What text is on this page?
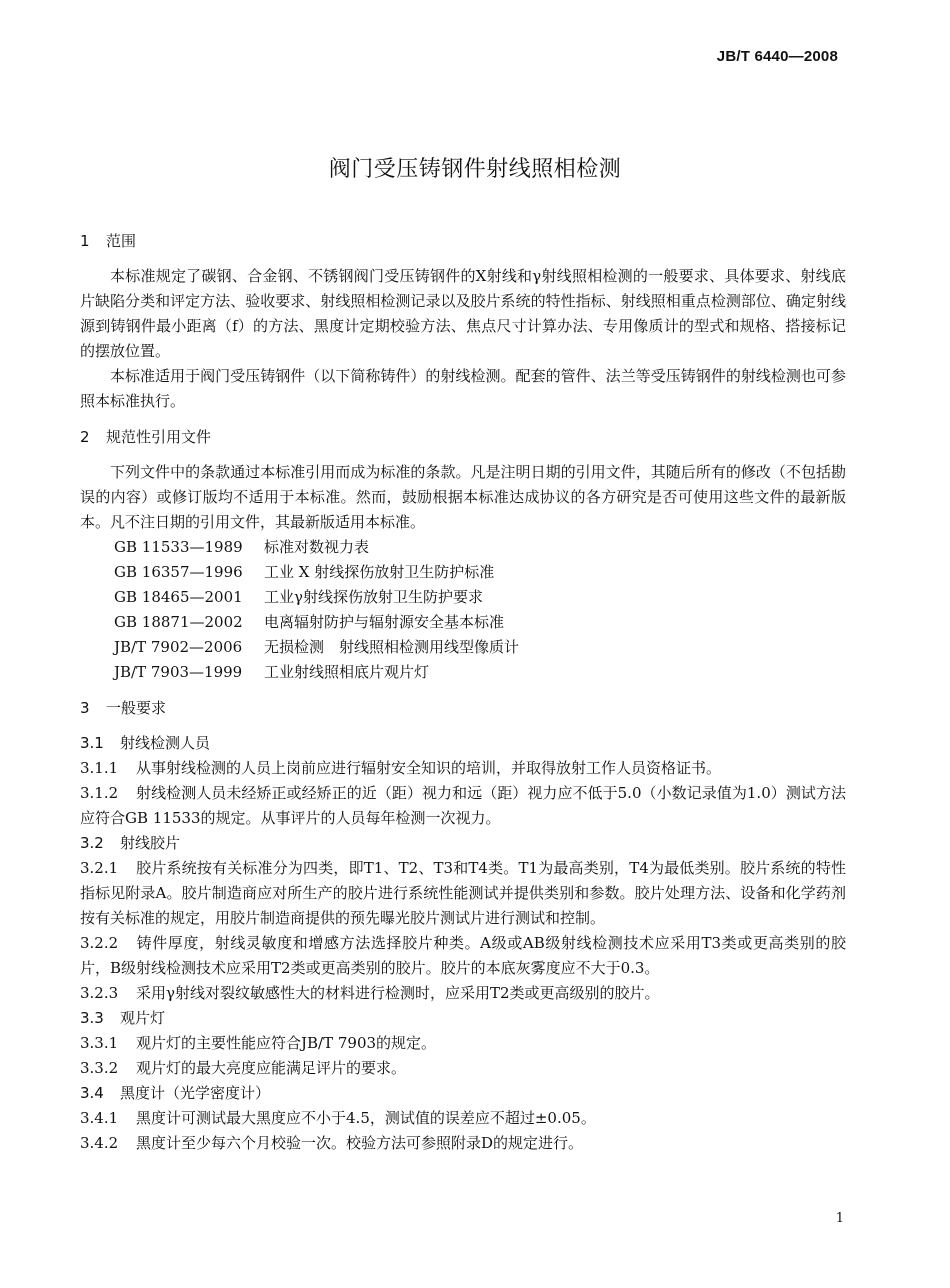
JB/T 6440—2008
阀门受压铸钢件射线照相检测
1 范围

本标准规定了碳钢、合金钢、不锈钢阀门受压铸钢件的X射线和γ射线照相检测的一般要求、具体要求、射线底片缺陷分类和评定方法、验收要求、射线照相检测记录以及胶片系统的特性指标、射线照相重点检测部位、确定射线源到铸钢件最小距离（f）的方法、黑度计定期校验方法、焦点尺寸计算办法、专用像质计的型式和规格、搭接标记的摆放位置。

本标准适用于阀门受压铸钢件（以下简称铸件）的射线检测。配套的管件、法兰等受压铸钢件的射线检测也可参照本标准执行。

2 规范性引用文件

下列文件中的条款通过本标准引用而成为标准的条款。凡是注明日期的引用文件，其随后所有的修改（不包括勘误的内容）或修订版均不适用于本标准。然而，鼓励根据本标准达成协议的各方研究是否可使用这些文件的最新版本。凡不注日期的引用文件，其最新版适用本标准。

GB 11533—1989 标准对数视力表
GB 16357—1996 工业 X 射线探伤放射卫生防护标准
GB 18465—2001 工业γ射线探伤放射卫生防护要求
GB 18871—2002 电离辐射防护与辐射源安全基本标准
JB/T 7902—2006 无损检测　射线照相检测用线型像质计
JB/T 7903—1999 工业射线照相底片观片灯
3 一般要求
3.1 射线检测人员

3.1.1 从事射线检测的人员上岗前应进行辐射安全知识的培训，并取得放射工作人员资格证书。

3.1.2 射线检测人员未经矫正或经矫正的近（距）视力和远（距）视力应不低于5.0（小数记录值为1.0）测试方法应符合GB 11533的规定。从事评片的人员每年检测一次视力。

3.2 射线胶片

3.2.1 胶片系统按有关标准分为四类，即T1、T2、T3和T4类。T1为最高类别，T4为最低类别。胶片系统的特性指标见附录A。胶片制造商应对所生产的胶片进行系统性能测试并提供类别和参数。胶片处理方法、设备和化学药剂按有关标准的规定，用胶片制造商提供的预先曝光胶片测试片进行测试和控制。

3.2.2 铸件厚度，射线灵敏度和增感方法选择胶片种类。A级或AB级射线检测技术应采用T3类或更高类别的胶片，B级射线检测技术应采用T2类或更高类别的胶片。胶片的本底灰雾度应不大于0.3。

3.2.3 采用γ射线对裂纹敏感性大的材料进行检测时，应采用T2类或更高级别的胶片。

3.3 观片灯

3.3.1 观片灯的主要性能应符合JB/T 7903的规定。

3.3.2 观片灯的最大亮度应能满足评片的要求。

3.4 黑度计（光学密度计）

3.4.1 黑度计可测试最大黑度应不小于4.5，测试值的误差应不超过±0.05。

3.4.2 黑度计至少每六个月校验一次。校验方法可参照附录D的规定进行。

1
